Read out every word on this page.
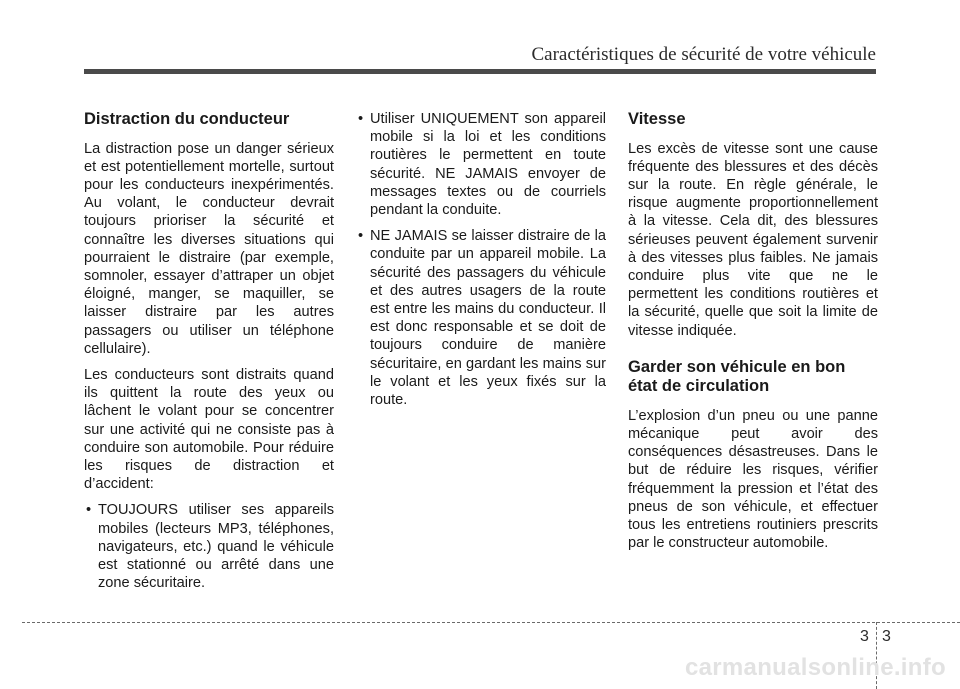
Caractéristiques de sécurité de votre véhicule
Distraction du conducteur

La distraction pose un danger sérieux et est potentiellement mortelle, surtout pour les conducteurs inexpérimentés. Au volant, le conducteur devrait toujours prioriser la sécurité et connaître les diverses situations qui pourraient le distraire (par exemple, somnoler, essayer d’attraper un objet éloigné, manger, se maquiller, se laisser distraire par les autres passagers ou utiliser un téléphone cellulaire).

Les conducteurs sont distraits quand ils quittent la route des yeux ou lâchent le volant pour se concentrer sur une activité qui ne consiste pas à conduire son automobile. Pour réduire les risques de distraction et d’accident:

• TOUJOURS utiliser ses appareils mobiles (lecteurs MP3, téléphones, navigateurs, etc.) quand le véhicule est stationné ou arrêté dans une zone sécuritaire.
• Utiliser UNIQUEMENT son appareil mobile si la loi et les conditions routières le permettent en toute sécurité. NE JAMAIS envoyer de messages textes ou de courriels pendant la conduite.
• NE JAMAIS se laisser distraire de la conduite par un appareil mobile. La sécurité des passagers du véhicule et des autres usagers de la route est entre les mains du conducteur. Il est donc responsable et se doit de toujours conduire de manière sécuritaire, en gardant les mains sur le volant et les yeux fixés sur la route.
Vitesse

Les excès de vitesse sont une cause fréquente des blessures et des décès sur la route. En règle générale, le risque augmente proportionnellement à la vitesse. Cela dit, des blessures sérieuses peuvent également survenir à des vitesses plus faibles. Ne jamais conduire plus vite que ne le permettent les conditions routières et la sécurité, quelle que soit la limite de vitesse indiquée.

Garder son véhicule en bon état de circulation

L’explosion d’un pneu ou une panne mécanique peut avoir des conséquences désastreuses. Dans le but de réduire les risques, vérifier fréquemment la pression et l’état des pneus de son véhicule, et effectuer tous les entretiens routiniers prescrits par le constructeur automobile.

3 3
carmanualsonline.info
